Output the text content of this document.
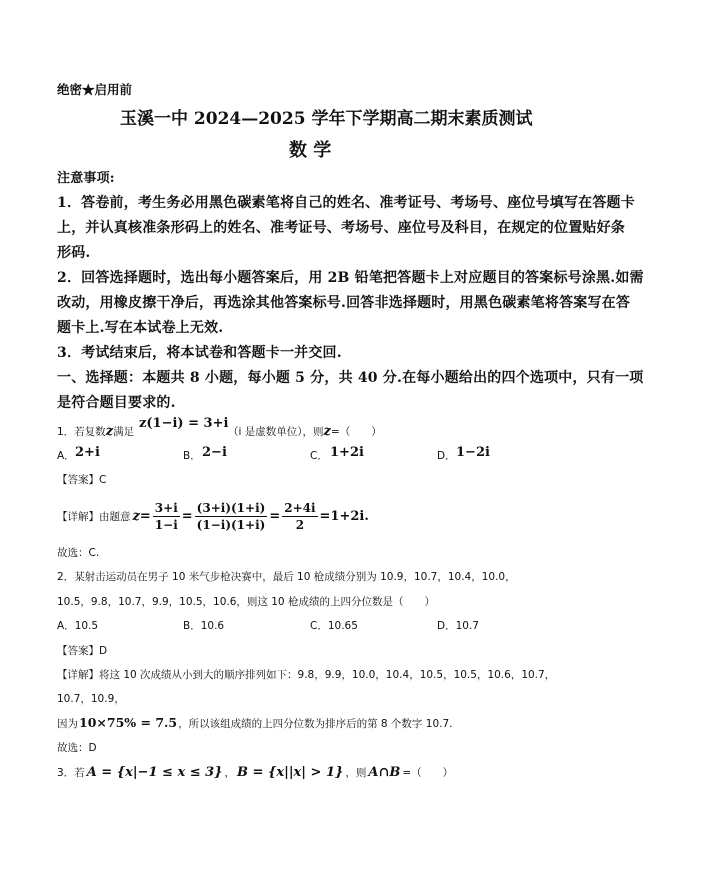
绝密★启用前
玉溪一中 2024—2025 学年下学期高二期末素质测试
数 学
注意事项:
1．答卷前，考生务必用黑色碳素笔将自己的姓名、准考证号、考场号、座位号填写在答题卡
上，并认真核准条形码上的姓名、准考证号、考场号、座位号及科目，在规定的位置贴好条
形码.
2．回答选择题时，选出每小题答案后，用 2B 铅笔把答题卡上对应题目的答案标号涂黑.如需
改动，用橡皮擦干净后，再选涂其他答案标号.回答非选择题时，用黑色碳素笔将答案写在答
题卡上.写在本试卷上无效.
3．考试结束后，将本试卷和答题卡一并交回.
一、选择题：本题共 8 小题，每小题 5 分，共 40 分.在每小题给出的四个选项中，只有一项
是符合题目要求的.
1．若复数z满足
z(1−i) = 3+i
（i 是虚数单位），则z=（　　）
A． 2+i	B． 2−i	C． 1+2i	D． 1−2i
【答案】C
【详解】由题意 $z = \frac{3+i}{1-i} = \frac{(3+i)(1+i)}{(1-i)(1+i)} = \frac{2+4i}{2} =1+2i$.
故选：C.
2．某射击运动员在男子 10 米气步枪决赛中，最后 10 枪成绩分别为 10.9，10.7，10.4，10.0，
10.5，9.8，10.7，9.9，10.5，10.6，则这 10 枪成绩的上四分位数是（　　）
A．10.5	B．10.6	C．10.65	D．10.7
【答案】D
【详解】将这 10 次成绩从小到大的顺序排列如下：9.8，9.9，10.0，10.4，10.5，10.5，10.6，10.7，
10.7，10.9，
因为10×75% = 7.5，所以该组成绩的上四分位数为排序后的第 8 个数字 10.7.
故选：D
3．若 A = {x|−1 ≤ x ≤ 3} ， B = {x||x| > 1} ，则 A∩B =（　　）
